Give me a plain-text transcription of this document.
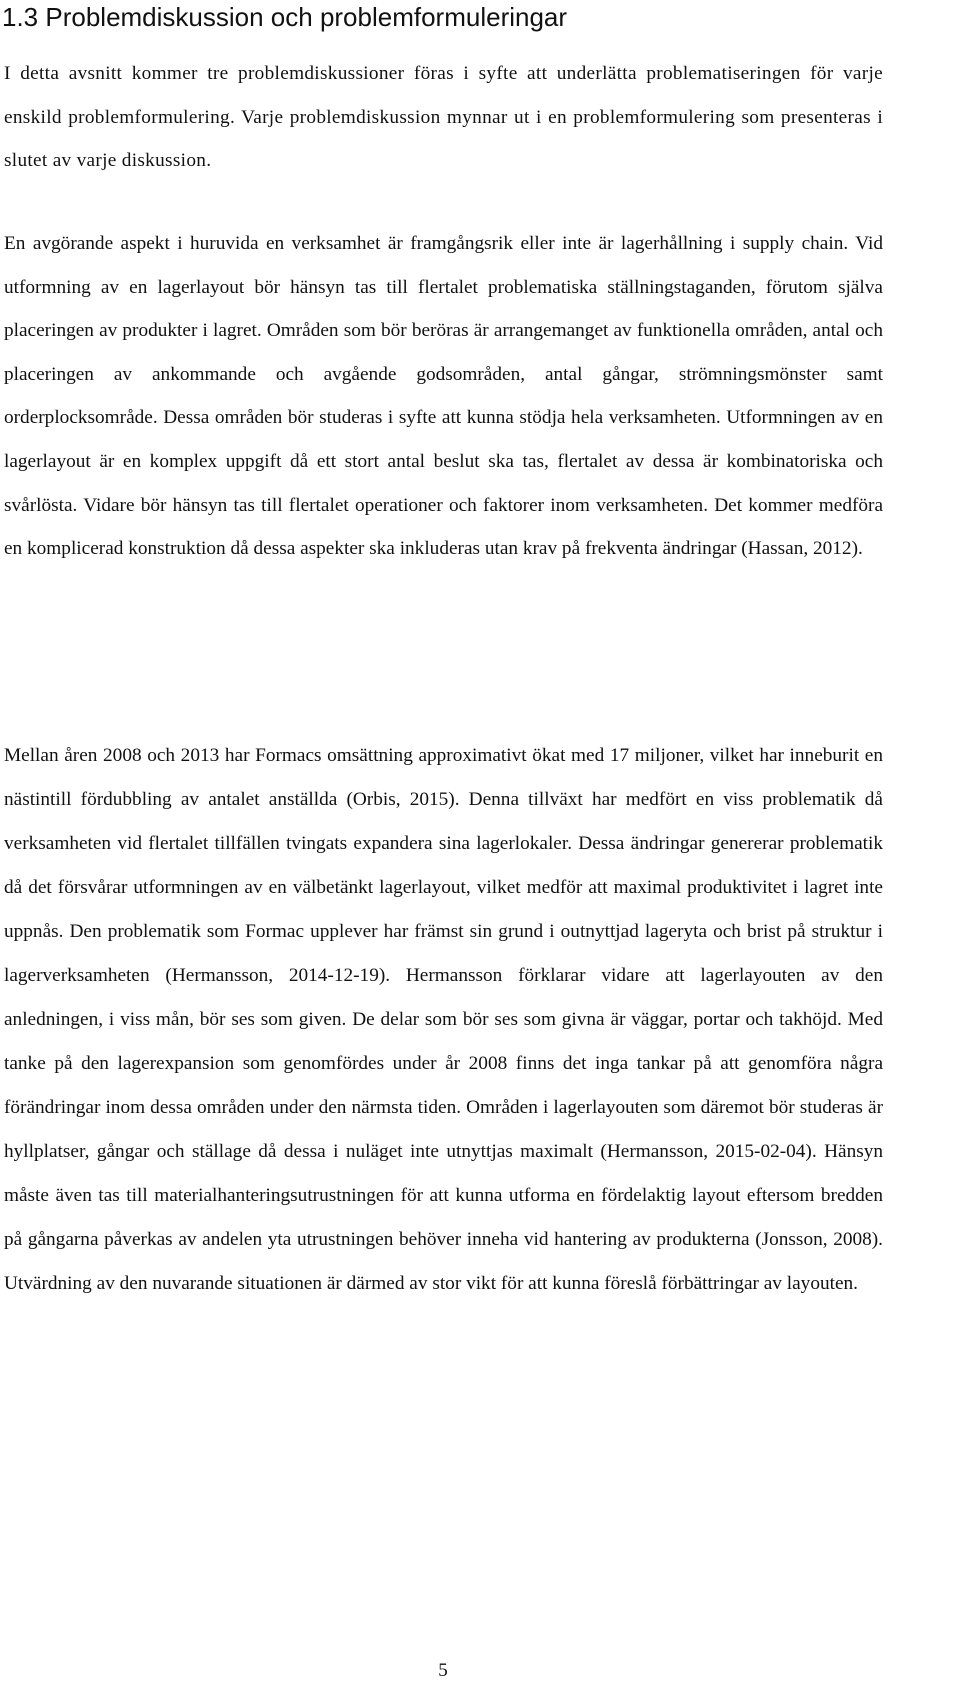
1.3 Problemdiskussion och problemformuleringar

I detta avsnitt kommer tre problemdiskussioner föras i syfte att underlätta problematiseringen för varje enskild problemformulering. Varje problemdiskussion mynnar ut i en problemformulering som presenteras i slutet av varje diskussion.

En avgörande aspekt i huruvida en verksamhet är framgångsrik eller inte är lagerhållning i supply chain. Vid utformning av en lagerlayout bör hänsyn tas till flertalet problematiska ställningstaganden, förutom själva placeringen av produkter i lagret. Områden som bör beröras är arrangemanget av funktionella områden, antal och placeringen av ankommande och avgående godsområden, antal gångar, strömningsmönster samt orderplocksområde. Dessa områden bör studeras i syfte att kunna stödja hela verksamheten. Utformningen av en lagerlayout är en komplex uppgift då ett stort antal beslut ska tas, flertalet av dessa är kombinatoriska och svårlösta. Vidare bör hänsyn tas till flertalet operationer och faktorer inom verksamheten. Det kommer medföra en komplicerad konstruktion då dessa aspekter ska inkluderas utan krav på frekventa ändringar (Hassan, 2012).

Mellan åren 2008 och 2013 har Formacs omsättning approximativt ökat med 17 miljoner, vilket har inneburit en nästintill fördubbling av antalet anställda (Orbis, 2015). Denna tillväxt har medfört en viss problematik då verksamheten vid flertalet tillfällen tvingats expandera sina lagerlokaler. Dessa ändringar genererar problematik då det försvårar utformningen av en välbetänkt lagerlayout, vilket medför att maximal produktivitet i lagret inte uppnås. Den problematik som Formac upplever har främst sin grund i outnyttjad lageryta och brist på struktur i lagerverksamheten (Hermansson, 2014-12-19). Hermansson förklarar vidare att lagerlayouten av den anledningen, i viss mån, bör ses som given. De delar som bör ses som givna är väggar, portar och takhöjd. Med tanke på den lagerexpansion som genomfördes under år 2008 finns det inga tankar på att genomföra några förändringar inom dessa områden under den närmsta tiden. Områden i lagerlayouten som däremot bör studeras är hyllplatser, gångar och ställage då dessa i nuläget inte utnyttjas maximalt (Hermansson, 2015-02-04). Hänsyn måste även tas till materialhanteringsutrustningen för att kunna utforma en fördelaktig layout eftersom bredden på gångarna påverkas av andelen yta utrustningen behöver inneha vid hantering av produkterna (Jonsson, 2008). Utvärdning av den nuvarande situationen är därmed av stor vikt för att kunna föreslå förbättringar av layouten.

5
